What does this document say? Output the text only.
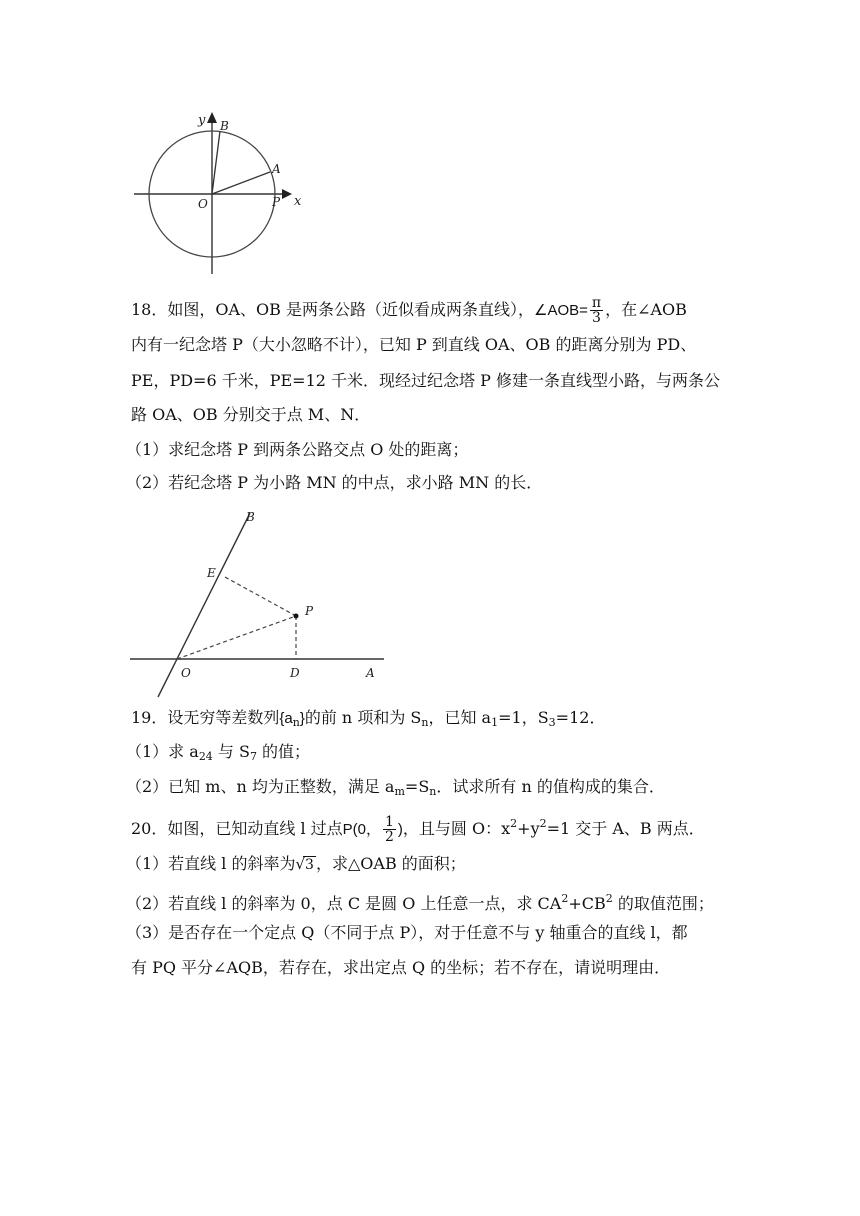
y B
A
O	P x
18．如图，OA、OB 是两条公路（近似看成两条直线），∠AOB= $\frac{\pi}{3}$ ，在∠AOB
内有一纪念塔 P（大小忽略不计），已知 P 到直线 OA、OB 的距离分别为 PD、
PE，PD=6 千米，PE=12 千米．现经过纪念塔 P 修建一条直线型小路，与两条公
路 OA、OB 分别交于点 M、N．
（1）求纪念塔 P 到两条公路交点 O 处的距离；
（2）若纪念塔 P 为小路 MN 的中点，求小路 MN 的长．
B
E
P
O	D	A
19．设无穷等差数列$\{a_n\}$的前 n 项和为 $S_n$，已知 $a_1=1$，$S_3=12$．
（1）求 $a_{24}$ 与 $S_7$ 的值；
（2）已知 m、n 均为正整数，满足 $a_m=S_n$．试求所有 n 的值构成的集合．
20．如图，已知动直线 l 过点P(0， $\frac{1}{2}$ )，且与圆 O：$x^2+y^2=1$ 交于 A、B 两点．
（1）若直线 l 的斜率为√3 ，求△OAB 的面积；
（2）若直线 l 的斜率为 0，点 C 是圆 O 上任意一点，求 $CA^2+CB^2$ 的取值范围；
（3）是否存在一个定点 Q（不同于点 P），对于任意不与 y 轴重合的直线 l，都
有 PQ 平分∠AQB，若存在，求出定点 Q 的坐标；若不存在，请说明理由．
